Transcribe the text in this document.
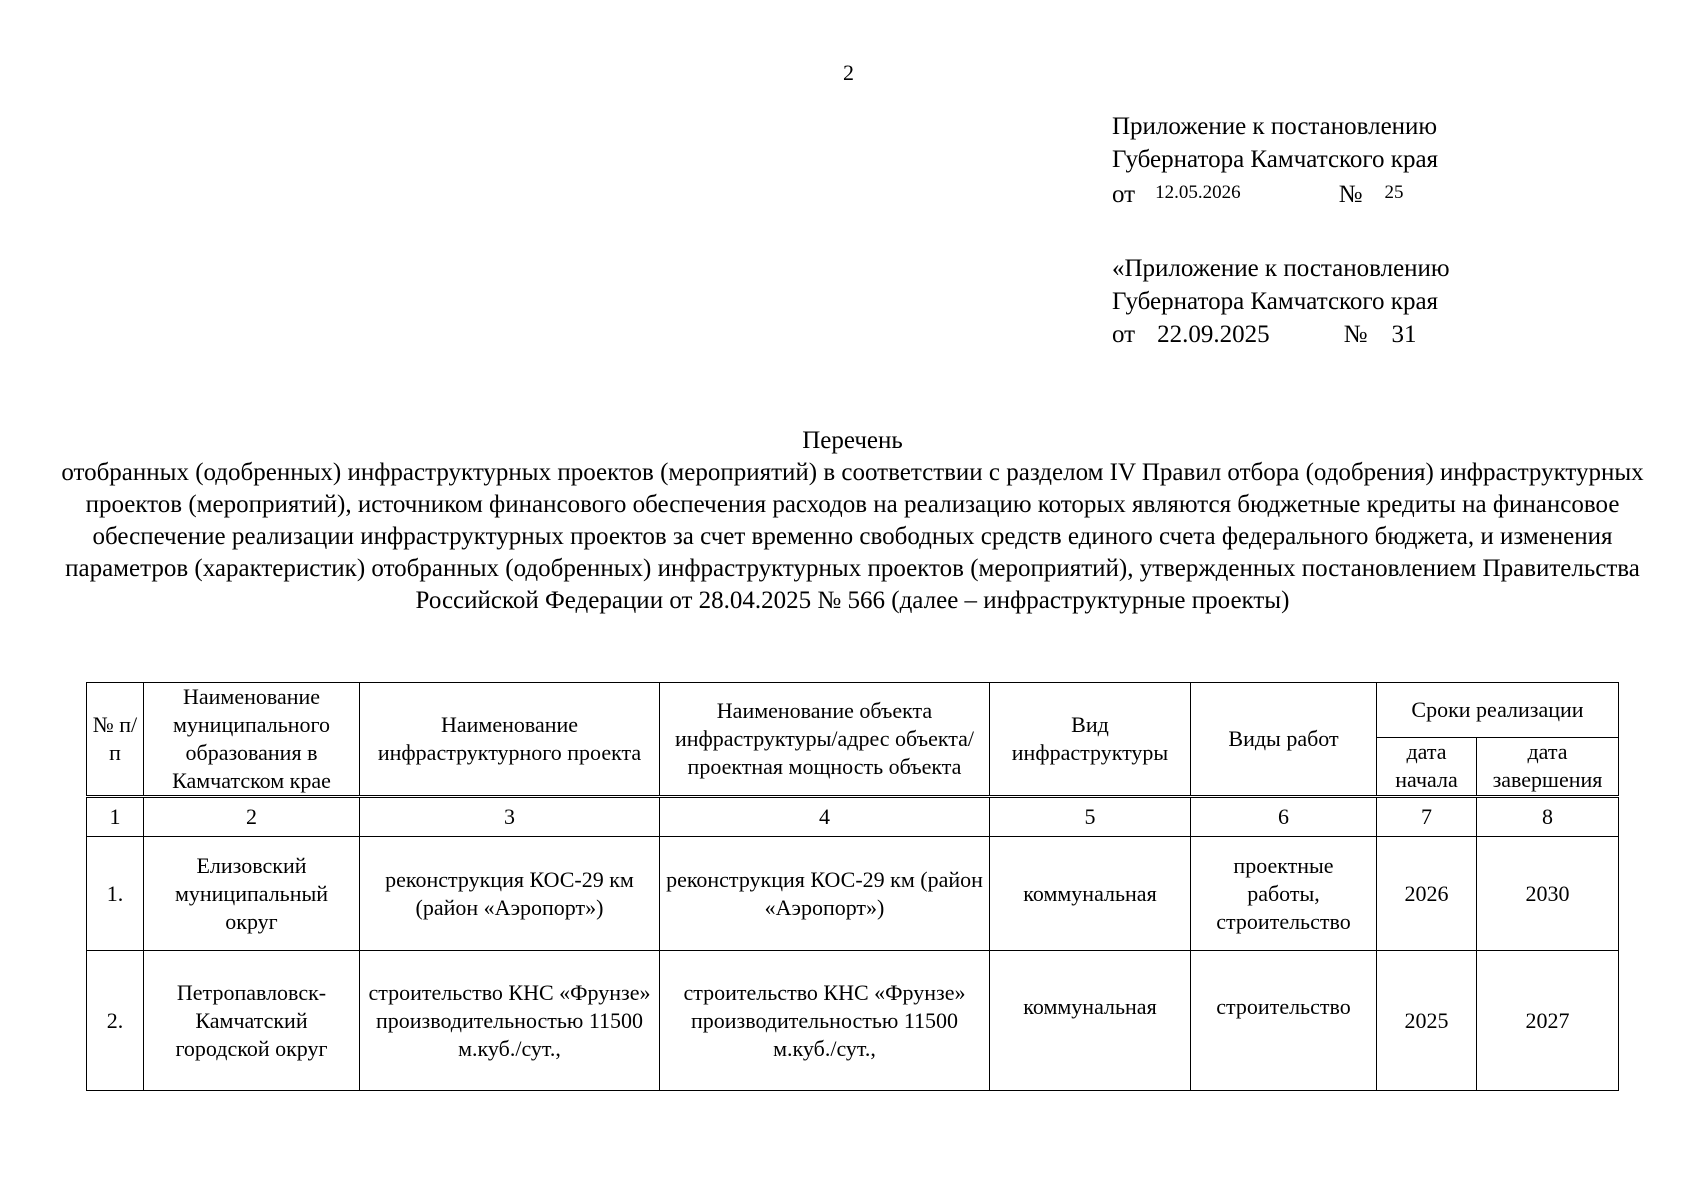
2
Приложение к постановлению
Губернатора Камчатского края
от 12.05.2026	№ 25
«Приложение к постановлению
Губернатора Камчатского края
от 22.09.2025	№ 31
Перечень
отобранных (одобренных) инфраструктурных проектов (мероприятий) в соответствии с разделом IV Правил отбора (одобрения) инфраструктурных проектов (мероприятий), источником финансового обеспечения расходов на реализацию которых являются бюджетные кредиты на финансовое обеспечение реализации инфраструктурных проектов за счет временно свободных средств единого счета федерального бюджета, и изменения параметров (характеристик) отобранных (одобренных) инфраструктурных проектов (мероприятий), утвержденных постановлением Правительства Российской Федерации от 28.04.2025 № 566 (далее – инфраструктурные проекты)
№ п/п	Наименование муниципального образования в Камчатском крае	Наименование инфраструктурного проекта	Наименование объекта инфраструктуры/адрес объекта/проектная мощность объекта	Вид инфраструктуры	Виды работ	Сроки реализации	
						дата начала	дата завершения
1	2	3	4	5	6	7	8
1.	Елизовский муниципальный округ	реконструкция КОС-29 км (район «Аэропорт»)	реконструкция КОС-29 км (район «Аэропорт»)	коммунальная	проектные работы, строительство	2026	2030
2.	Петропавловск-Камчатский городской округ	строительство КНС «Фрунзе» производительностью 11500 м.куб./сут.,	строительство КНС «Фрунзе» производительностью 11500 м.куб./сут.,	коммунальная	строительство	2025	2027
